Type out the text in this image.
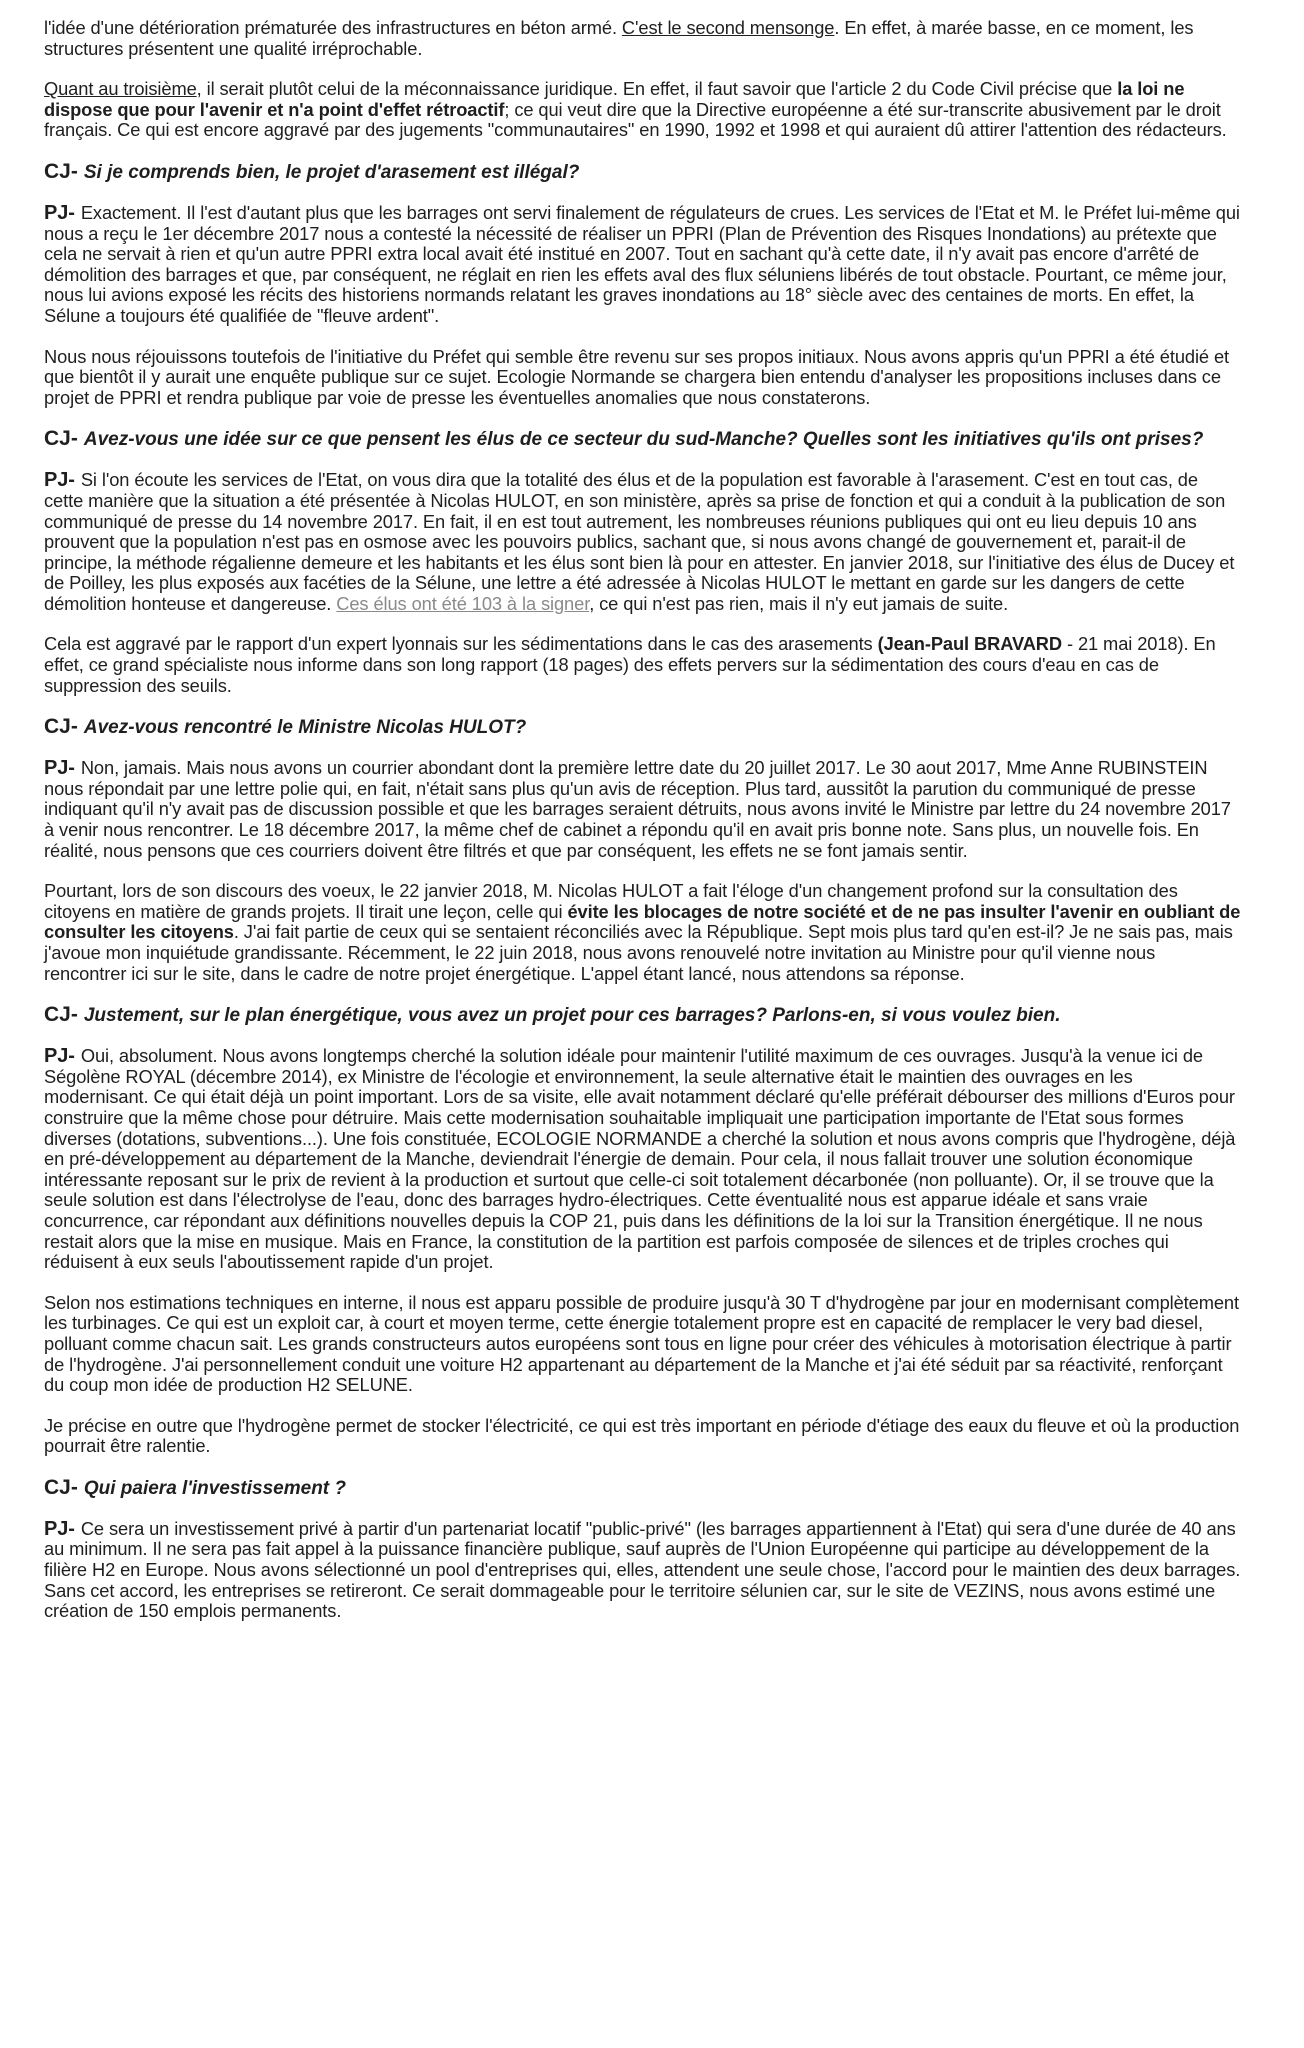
l'idée d'une détérioration prématurée des infrastructures en béton armé. C'est le second mensonge. En effet, à marée basse, en ce moment, les structures présentent une qualité irréprochable.

Quant au troisième, il serait plutôt celui de la méconnaissance juridique. En effet, il faut savoir que l'article 2 du Code Civil précise que la loi ne dispose que pour l'avenir et n'a point d'effet rétroactif; ce qui veut dire que la Directive européenne a été sur-transcrite abusivement par le droit français. Ce qui est encore aggravé par des jugements "communautaires" en 1990, 1992 et 1998 et qui auraient dû attirer l'attention des rédacteurs.

CJ- Si je comprends bien, le projet d'arasement est illégal?

PJ- Exactement. Il l'est d'autant plus que les barrages ont servi finalement de régulateurs de crues. Les services de l'Etat et M. le Préfet lui-même qui nous a reçu le 1er décembre 2017 nous a contesté la nécessité de réaliser un PPRI (Plan de Prévention des Risques Inondations) au prétexte que cela ne servait à rien et qu'un autre PPRI extra local avait été institué en 2007. Tout en sachant qu'à cette date, il n'y avait pas encore d'arrêté de démolition des barrages et que, par conséquent, ne réglait en rien les effets aval des flux séluniens libérés de tout obstacle. Pourtant, ce même jour, nous lui avions exposé les récits des historiens normands relatant les graves inondations au 18° siècle avec des centaines de morts. En effet, la Sélune a toujours été qualifiée de "fleuve ardent".

Nous nous réjouissons toutefois de l'initiative du Préfet qui semble être revenu sur ses propos initiaux. Nous avons appris qu'un PPRI a été étudié et que bientôt il y aurait une enquête publique sur ce sujet. Ecologie Normande se chargera bien entendu d'analyser les propositions incluses dans ce projet de PPRI et rendra publique par voie de presse les éventuelles anomalies que nous constaterons.

CJ- Avez-vous une idée sur ce que pensent les élus de ce secteur du sud-Manche? Quelles sont les initiatives qu'ils ont prises?

PJ- Si l'on écoute les services de l'Etat, on vous dira que la totalité des élus et de la population est favorable à l'arasement. C'est en tout cas, de cette manière que la situation a été présentée à Nicolas HULOT, en son ministère, après sa prise de fonction et qui a conduit à la publication de son communiqué de presse du 14 novembre 2017. En fait, il en est tout autrement, les nombreuses réunions publiques qui ont eu lieu depuis 10 ans prouvent que la population n'est pas en osmose avec les pouvoirs publics, sachant que, si nous avons changé de gouvernement et, parait-il de principe, la méthode régalienne demeure et les habitants et les élus sont bien là pour en attester. En janvier 2018, sur l'initiative des élus de Ducey et de Poilley, les plus exposés aux facéties de la Sélune, une lettre a été adressée à Nicolas HULOT le mettant en garde sur les dangers de cette démolition honteuse et dangereuse. Ces élus ont été 103 à la signer, ce qui n'est pas rien, mais il n'y eut jamais de suite.

Cela est aggravé par le rapport d'un expert lyonnais sur les sédimentations dans le cas des arasements (Jean-Paul BRAVARD - 21 mai 2018). En effet, ce grand spécialiste nous informe dans son long rapport (18 pages) des effets pervers sur la sédimentation des cours d'eau en cas de suppression des seuils.

CJ- Avez-vous rencontré le Ministre Nicolas HULOT?

PJ- Non, jamais. Mais nous avons un courrier abondant dont la première lettre date du 20 juillet 2017. Le 30 aout 2017, Mme Anne RUBINSTEIN nous répondait par une lettre polie qui, en fait, n'était sans plus qu'un avis de réception. Plus tard, aussitôt la parution du communiqué de presse indiquant qu'il n'y avait pas de discussion possible et que les barrages seraient détruits, nous avons invité le Ministre par lettre du 24 novembre 2017 à venir nous rencontrer. Le 18 décembre 2017, la même chef de cabinet a répondu qu'il en avait pris bonne note. Sans plus, un nouvelle fois. En réalité, nous pensons que ces courriers doivent être filtrés et que par conséquent, les effets ne se font jamais sentir.

Pourtant, lors de son discours des voeux, le 22 janvier 2018, M. Nicolas HULOT a fait l'éloge d'un changement profond sur la consultation des citoyens en matière de grands projets. Il tirait une leçon, celle qui évite les blocages de notre société et de ne pas insulter l'avenir en oubliant de consulter les citoyens. J'ai fait partie de ceux qui se sentaient réconciliés avec la République. Sept mois plus tard qu'en est-il? Je ne sais pas, mais j'avoue mon inquiétude grandissante. Récemment, le 22 juin 2018, nous avons renouvelé notre invitation au Ministre pour qu'il vienne nous rencontrer ici sur le site, dans le cadre de notre projet énergétique. L'appel étant lancé, nous attendons sa réponse.

CJ- Justement, sur le plan énergétique, vous avez un projet pour ces barrages? Parlons-en, si vous voulez bien.

PJ- Oui, absolument. Nous avons longtemps cherché la solution idéale pour maintenir l'utilité maximum de ces ouvrages. Jusqu'à la venue ici de Ségolène ROYAL (décembre 2014), ex Ministre de l'écologie et environnement, la seule alternative était le maintien des ouvrages en les modernisant. Ce qui était déjà un point important. Lors de sa visite, elle avait notamment déclaré qu'elle préférait débourser des millions d'Euros pour construire que la même chose pour détruire. Mais cette modernisation souhaitable impliquait une participation importante de l'Etat sous formes diverses (dotations, subventions...). Une fois constituée, ECOLOGIE NORMANDE a cherché la solution et nous avons compris que l'hydrogène, déjà en pré-développement au département de la Manche, deviendrait l'énergie de demain. Pour cela, il nous fallait trouver une solution économique intéressante reposant sur le prix de revient à la production et surtout que celle-ci soit totalement décarbonée (non polluante). Or, il se trouve que la seule solution est dans l'électrolyse de l'eau, donc des barrages hydro-électriques. Cette éventualité nous est apparue idéale et sans vraie concurrence, car répondant aux définitions nouvelles depuis la COP 21, puis dans les définitions de la loi sur la Transition énergétique. Il ne nous restait alors que la mise en musique. Mais en France, la constitution de la partition est parfois composée de silences et de triples croches qui réduisent à eux seuls l'aboutissement rapide d'un projet.

Selon nos estimations techniques en interne, il nous est apparu possible de produire jusqu'à 30 T d'hydrogène par jour en modernisant complètement les turbinages. Ce qui est un exploit car, à court et moyen terme, cette énergie totalement propre est en capacité de remplacer le very bad diesel, polluant comme chacun sait. Les grands constructeurs autos européens sont tous en ligne pour créer des véhicules à motorisation électrique à partir de l'hydrogène. J'ai personnellement conduit une voiture H2 appartenant au département de la Manche et j'ai été séduit par sa réactivité, renforçant du coup mon idée de production H2 SELUNE.

Je précise en outre que l'hydrogène permet de stocker l'électricité, ce qui est très important en période d'étiage des eaux du fleuve et où la production pourrait être ralentie.

CJ- Qui paiera l'investissement ?

PJ- Ce sera un investissement privé à partir d'un partenariat locatif "public-privé" (les barrages appartiennent à l'Etat) qui sera d'une durée de 40 ans au minimum. Il ne sera pas fait appel à la puissance financière publique, sauf auprès de l'Union Européenne qui participe au développement de la filière H2 en Europe. Nous avons sélectionné un pool d'entreprises qui, elles, attendent une seule chose, l'accord pour le maintien des deux barrages. Sans cet accord, les entreprises se retireront. Ce serait dommageable pour le territoire sélunien car, sur le site de VEZINS, nous avons estimé une création de 150 emplois permanents.
